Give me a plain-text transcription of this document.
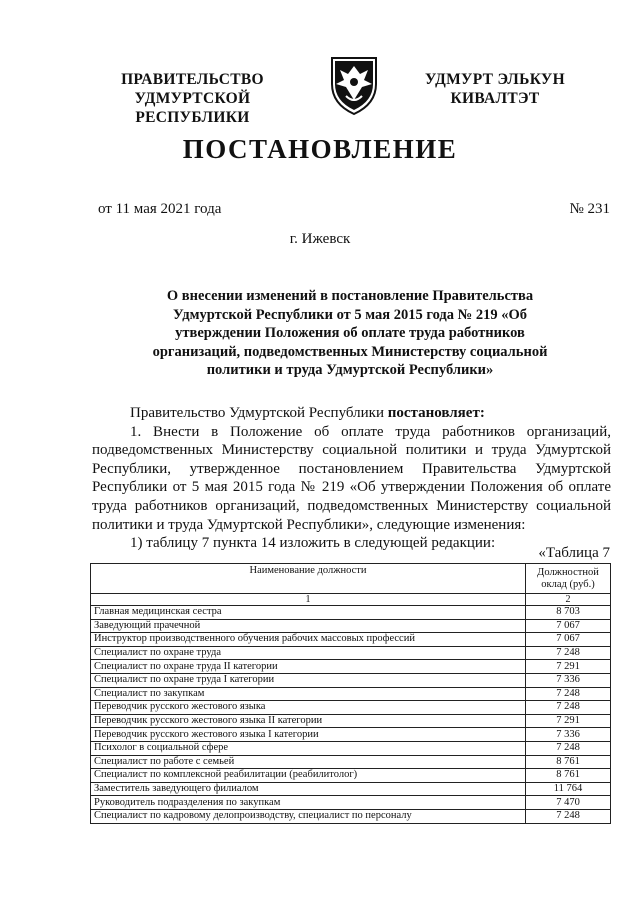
ПРАВИТЕЛЬСТВО
УДМУРТСКОЙ РЕСПУБЛИКИ
УДМУРТ ЭЛЬКУН
КИВАЛТЭТ
ПОСТАНОВЛЕНИЕ
от 11 мая 2021 года	№ 231
г. Ижевск
О внесении изменений в постановление Правительства
Удмуртской Республики от 5 мая 2015 года № 219 «Об
утверждении Положения об оплате труда работников
организаций, подведомственных Министерству социальной
политики и труда Удмуртской Республики»

Правительство Удмуртской Республики постановляет:

1. Внести в Положение об оплате труда работников организаций, подведомственных Министерству социальной политики и труда Удмуртской Республики, утвержденное постановлением Правительства Удмуртской Республики от 5 мая 2015 года № 219 «Об утверждении Положения об оплате труда работников организаций, подведомственных Министерству социальной политики и труда Удмуртской Республики», следующие изменения:

1) таблицу 7 пункта 14 изложить в следующей редакции:

«Таблица 7
Наименование должности	Должностной
оклад (руб.)
1	2
Главная медицинская сестра	8 703
Заведующий прачечной	7 067
Инструктор производственного обучения рабочих массовых профессий	7 067
Специалист по охране труда	7 248
Специалист по охране труда II категории	7 291
Специалист по охране труда I категории	7 336
Специалист по закупкам	7 248
Переводчик русского жестового языка	7 248
Переводчик русского жестового языка II категории	7 291
Переводчик русского жестового языка I категории	7 336
Психолог в социальной сфере	7 248
Специалист по работе с семьей	8 761
Специалист по комплексной реабилитации (реабилитолог)	8 761
Заместитель заведующего филиалом	11 764
Руководитель подразделения по закупкам	7 470
Специалист по кадровому делопроизводству, специалист по персоналу	7 248
